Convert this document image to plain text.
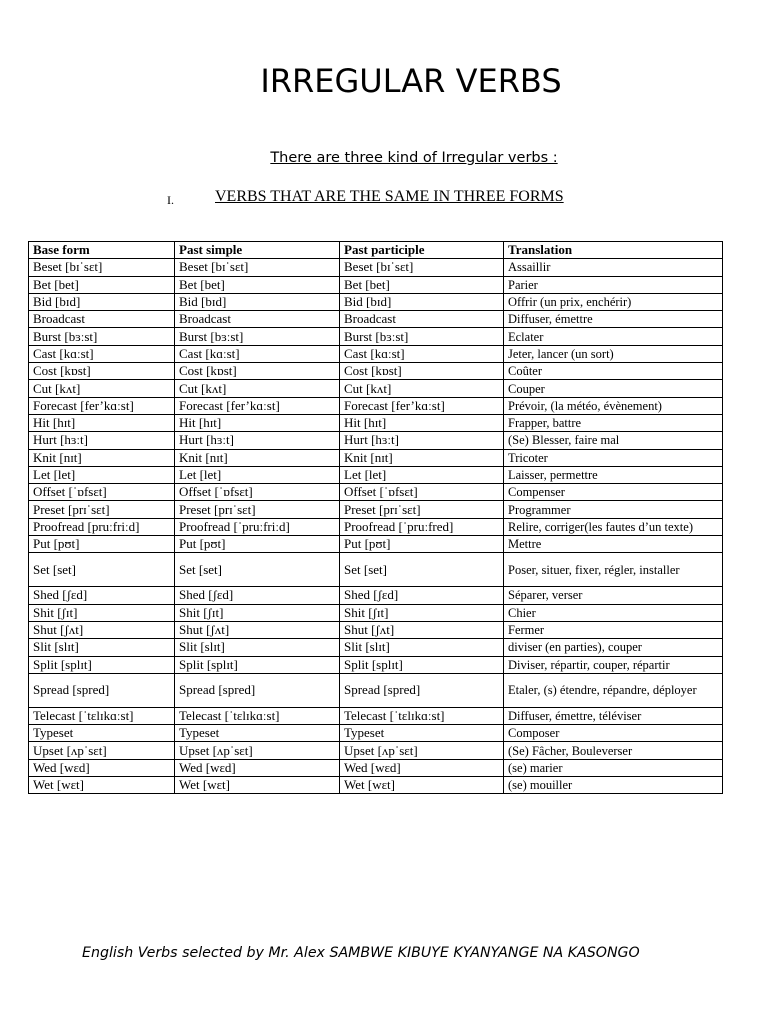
IRREGULAR VERBS
There are three kind of Irregular verbs :
I.	VERBS THAT ARE THE SAME IN THREE FORMS
Base form	Past simple	Past participle	Translation
Beset [bɪˈsɛt]	Beset [bɪˈsɛt]	Beset [bɪˈsɛt]	Assaillir
Bet [bet]	Bet [bet]	Bet [bet]	Parier
Bid [bɪd]	Bid [bɪd]	Bid [bɪd]	Offrir (un prix, enchérir)
Broadcast	Broadcast	Broadcast	Diffuser, émettre
Burst [bɜːst]	Burst [bɜːst]	Burst [bɜːst]	Eclater
Cast [kɑːst]	Cast [kɑːst]	Cast [kɑːst]	Jeter, lancer (un sort)
Cost [kɒst]	Cost [kɒst]	Cost [kɒst]	Coûter
Cut [kʌt]	Cut [kʌt]	Cut [kʌt]	Couper
Forecast [fer’kɑːst]	Forecast [fer’kɑːst]	Forecast [fer’kɑːst]	Prévoir, (la météo, évènement)
Hit [hɪt]	Hit [hɪt]	Hit [hɪt]	Frapper, battre
Hurt [hɜːt]	Hurt [hɜːt]	Hurt [hɜːt]	(Se) Blesser, faire mal
Knit [nɪt]	Knit [nɪt]	Knit [nɪt]	Tricoter
Let [let]	Let [let]	Let [let]	Laisser, permettre
Offset [ˈɒfsɛt]	Offset [ˈɒfsɛt]	Offset [ˈɒfsɛt]	Compenser
Preset [prɪˈsɛt]	Preset [prɪˈsɛt]	Preset [prɪˈsɛt]	Programmer
Proofread [pruːfriːd]	Proofread [ˈpruːfriːd]	Proofread [ˈpruːfred]	Relire, corriger(les fautes d’un texte)
Put [pʊt]	Put [pʊt]	Put [pʊt]	Mettre
Set [set]	Set [set]	Set [set]	Poser, situer, fixer, régler, installer
Shed [ʃɛd]	Shed [ʃɛd]	Shed [ʃɛd]	Séparer, verser
Shit [ʃɪt]	Shit [ʃɪt]	Shit [ʃɪt]	Chier
Shut [ʃʌt]	Shut [ʃʌt]	Shut [ʃʌt]	Fermer
Slit [slɪt]	Slit [slɪt]	Slit [slɪt]	diviser (en parties), couper
Split [splɪt]	Split [splɪt]	Split [splɪt]	Diviser, répartir, couper, répartir
Spread [spred]	Spread [spred]	Spread [spred]	Etaler, (s) étendre, répandre, déployer
Telecast [ˈtɛlɪkɑːst]	Telecast [ˈtɛlɪkɑːst]	Telecast [ˈtɛlɪkɑːst]	Diffuser, émettre, téléviser
Typeset	Typeset	Typeset	Composer
Upset [ʌpˈsɛt]	Upset [ʌpˈsɛt]	Upset [ʌpˈsɛt]	(Se) Fâcher, Bouleverser
Wed [wɛd]	Wed [wɛd]	Wed [wɛd]	(se) marier
Wet [wɛt]	Wet [wɛt]	Wet [wɛt]	(se) mouiller
English Verbs selected by Mr. Alex SAMBWE KIBUYE KYANYANGE NA KASONGO
